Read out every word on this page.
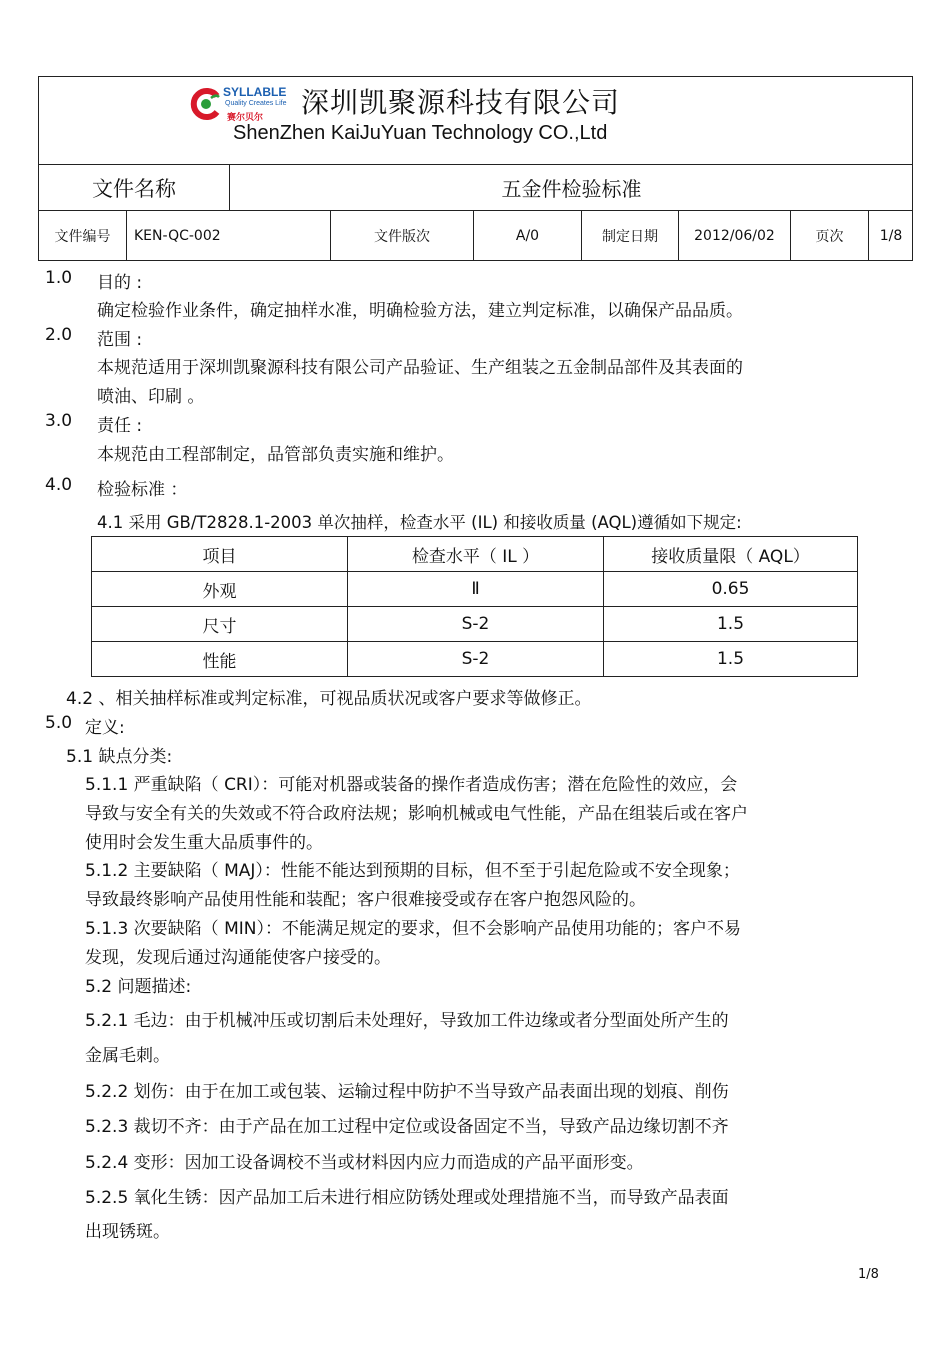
SYLLABLE
Quality Creates Life
赛尔贝尔 深圳凯聚源科技有限公司
ShenZhen KaiJuYuan Technology CO.,Ltd
文件名称	五金件检验标准
文件编号	KEN-QC-002	文件版次	A/0	制定日期	2012/06/02	页次	1/8
1.0 目的 :
确定检验作业条件，确定抽样水准，明确检验方法，建立判定标准，以确保产品品质。
2.0 范围 :
本规范适用于深圳凯聚源科技有限公司产品验证、生产组装之五金制品部件及其表面的
喷油、印刷 。
3.0 责任 :
本规范由工程部制定，品管部负责实施和维护。
4.0 检验标准 ：
4.1 采用 GB/T2828.1-2003 单次抽样，检查水平 (IL) 和接收质量 (AQL)遵循如下规定:
项目	检查水平（ IL ）	接收质量限（ AQL）
外观	Ⅱ	0.65
尺寸	S-2	1.5
性能	S-2	1.5
4.2 、相关抽样标准或判定标准，可视品质状况或客户要求等做修正。
5.0 定义:
5.1 缺点分类:
5.1.1 严重缺陷（ CRI）：可能对机器或装备的操作者造成伤害；潜在危险性的效应，会
导致与安全有关的失效或不符合政府法规；影响机械或电气性能，产品在组装后或在客户
使用时会发生重大品质事件的。
5.1.2 主要缺陷（ MAJ）：性能不能达到预期的目标，但不至于引起危险或不安全现象；
导致最终影响产品使用性能和装配；客户很难接受或存在客户抱怨风险的。
5.1.3 次要缺陷（ MIN）：不能满足规定的要求，但不会影响产品使用功能的；客户不易
发现，发现后通过沟通能使客户接受的。
5.2 问题描述:
5.2.1 毛边：由于机械冲压或切割后未处理好，导致加工件边缘或者分型面处所产生的
金属毛刺。
5.2.2 划伤：由于在加工或包装、运输过程中防护不当导致产品表面出现的划痕、削伤
5.2.3 裁切不齐：由于产品在加工过程中定位或设备固定不当，导致产品边缘切割不齐
5.2.4 变形：因加工设备调校不当或材料因内应力而造成的产品平面形变。
5.2.5 氧化生锈：因产品加工后未进行相应防锈处理或处理措施不当，而导致产品表面
出现锈斑。
1/8
